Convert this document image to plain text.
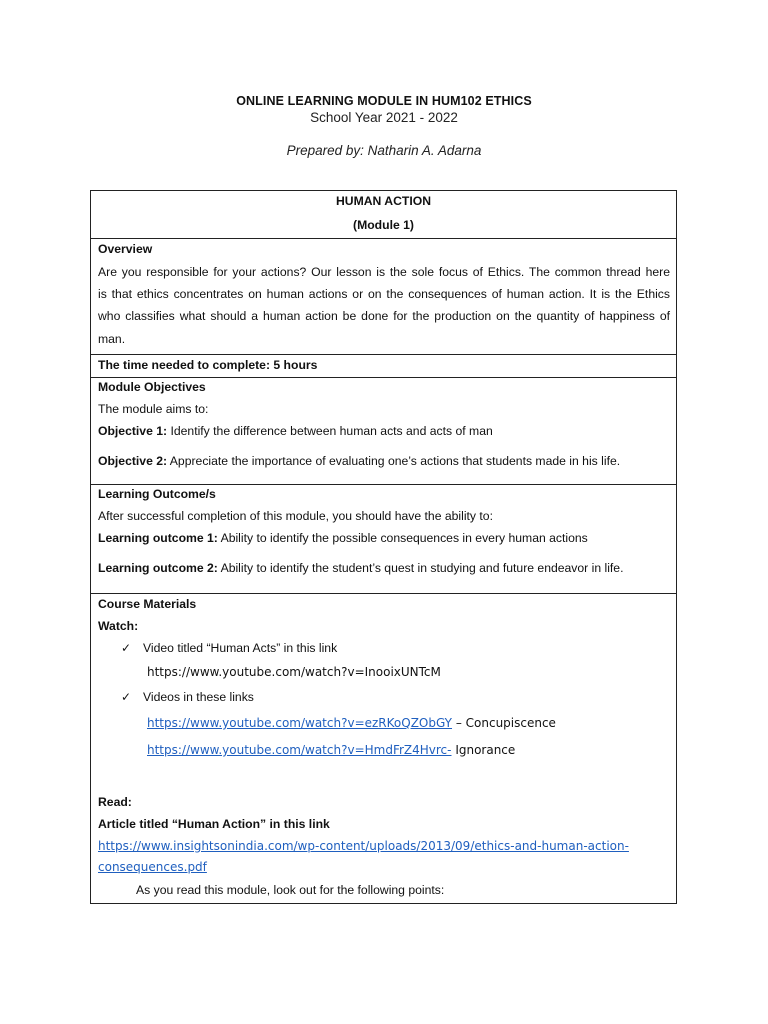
ONLINE LEARNING MODULE IN HUM102 ETHICS
School Year 2021 - 2022
Prepared by: Natharin A. Adarna
HUMAN ACTION
(Module 1)
Overview
Are you responsible for your actions? Our lesson is the sole focus of Ethics. The common thread here
is that ethics concentrates on human actions or on the consequences of human action. It is the Ethics
who classifies what should a human action be done for the production on the quantity of happiness of
man.
The time needed to complete: 5 hours
Module Objectives
The module aims to:
Objective 1: Identify the difference between human acts and acts of man
Objective 2: Appreciate the importance of evaluating one’s actions that students made in his life.
Learning Outcome/s
After successful completion of this module, you should have the ability to:
Learning outcome 1: Ability to identify the possible consequences in every human actions
Learning outcome 2: Ability to identify the student’s quest in studying and future endeavor in life.
Course Materials
Watch:
✓ Video titled “Human Acts” in this link
https://www.youtube.com/watch?v=InooixUNTcM
✓ Videos in these links
https://www.youtube.com/watch?v=ezRKoQZObGY – Concupiscence
https://www.youtube.com/watch?v=HmdFrZ4Hvrc- Ignorance
Read:
Article titled “Human Action” in this link
https://www.insightsonindia.com/wp-content/uploads/2013/09/ethics-and-human-action-
consequences.pdf
As you read this module, look out for the following points:
